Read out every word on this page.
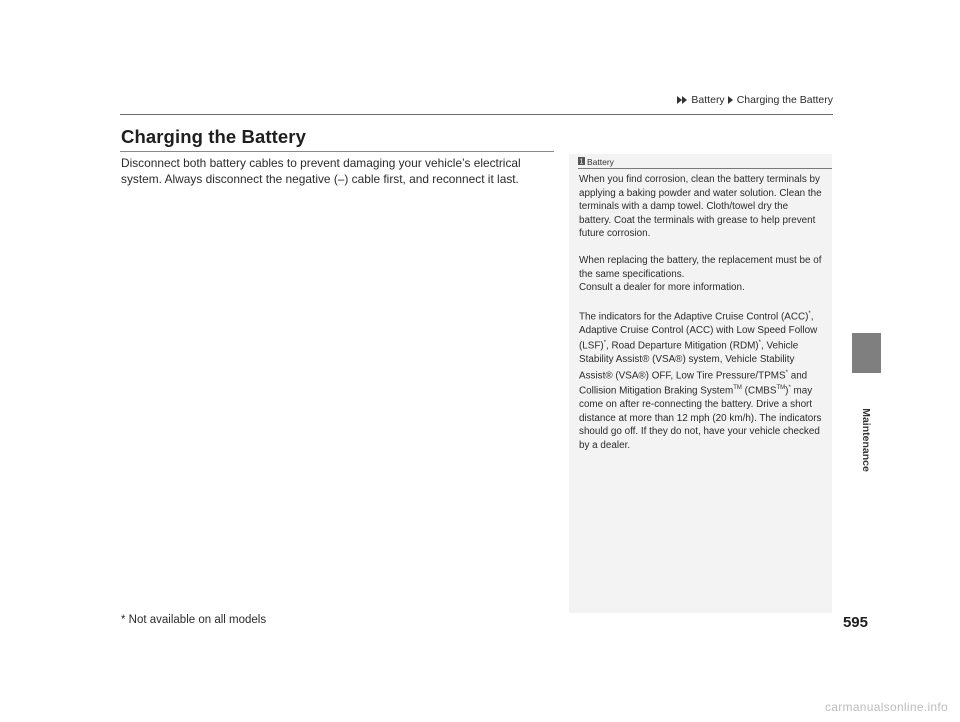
Battery Charging the Battery
Charging the Battery

Disconnect both battery cables to prevent damaging your vehicle’s electrical system. Always disconnect the negative (–) cable first, and reconnect it last.

1 Battery

When you find corrosion, clean the battery terminals by applying a baking powder and water solution. Clean the terminals with a damp towel. Cloth/towel dry the battery. Coat the terminals with grease to help prevent future corrosion.

When replacing the battery, the replacement must be of the same specifications.
Consult a dealer for more information.

The indicators for the Adaptive Cruise Control (ACC)*, Adaptive Cruise Control (ACC) with Low Speed Follow (LSF)*, Road Departure Mitigation (RDM)*, Vehicle Stability Assist® (VSA®) system, Vehicle Stability Assist® (VSA®) OFF, Low Tire Pressure/TPMS* and Collision Mitigation Braking System™ (CMBS™)* may come on after re-connecting the battery. Drive a short distance at more than 12 mph (20 km/h). The indicators should go off. If they do not, have your vehicle checked by a dealer.	Maintenance
* Not available on all models	595
carmanualsonline.info
